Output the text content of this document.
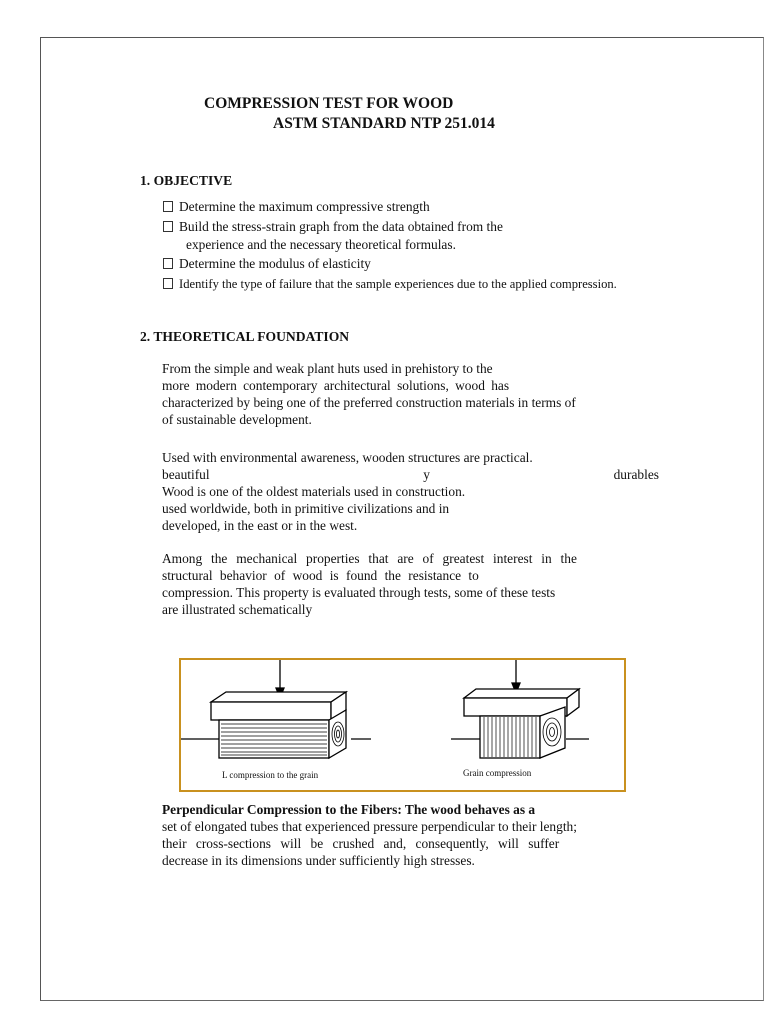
COMPRESSION TEST FOR WOOD
ASTM STANDARD NTP 251.014
1. OBJECTIVE
Determine the maximum compressive strength
Build the stress-strain graph from the data obtained from the
experience and the necessary theoretical formulas.
Determine the modulus of elasticity
Identify the type of failure that the sample experiences due to the applied compression.
2. THEORETICAL FOUNDATION
From the simple and weak plant huts used in prehistory to the
more modern contemporary architectural solutions, wood has
characterized by being one of the preferred construction materials in terms of
of sustainable development.
Used with environmental awareness, wooden structures are practical.
beautiful	y	durables
Wood is one of the oldest materials used in construction.
used worldwide, both in primitive civilizations and in
developed, in the east or in the west.
Among the mechanical properties that are of greatest interest in the
structural behavior of wood is found the resistance to
compression. This property is evaluated through tests, some of these tests
are illustrated schematically
L compression to the grain	Grain compression
Perpendicular Compression to the Fibers: The wood behaves as a
set of elongated tubes that experienced pressure perpendicular to their length;
their cross-sections will be crushed and, consequently, will suffer
decrease in its dimensions under sufficiently high stresses.
